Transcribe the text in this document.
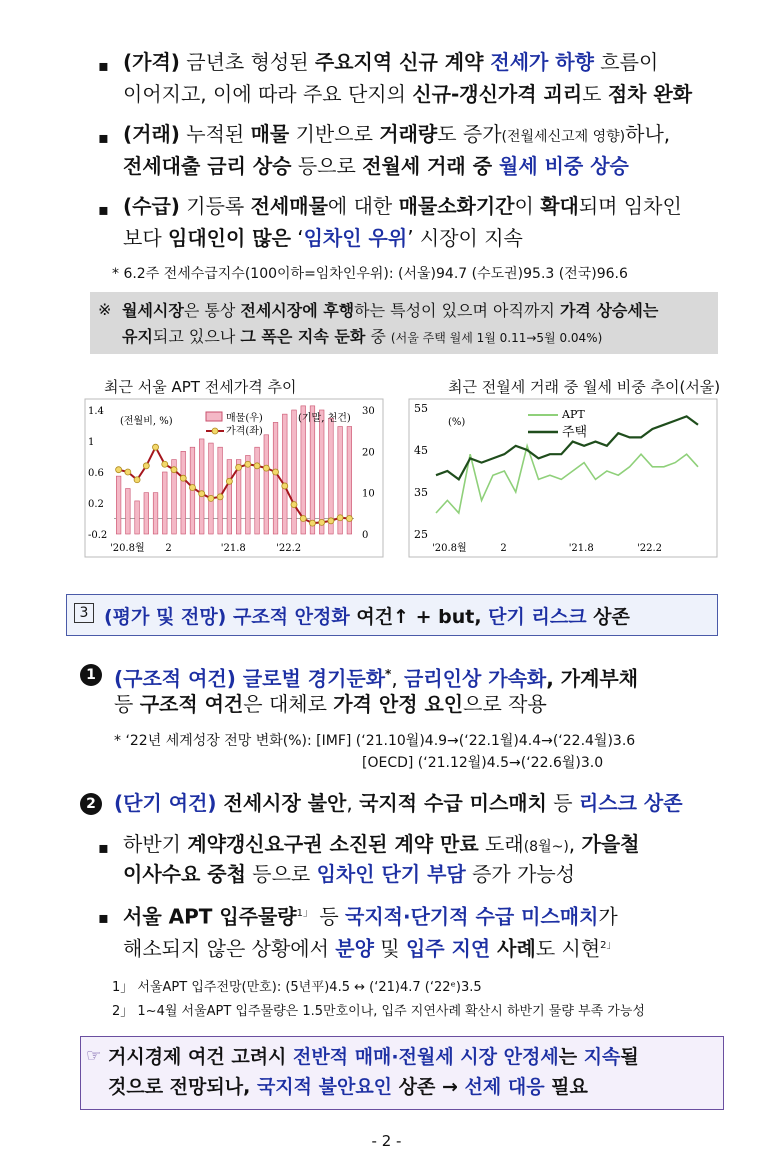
▪ (가격) 금년초 형성된 주요지역 신규 계약 전세가 하향 흐름이
이어지고, 이에 따라 주요 단지의 신규-갱신가격 괴리도 점차 완화
▪ (거래) 누적된 매물 기반으로 거래량도 증가(전월세신고제 영향)하나,
전세대출 금리 상승 등으로 전월세 거래 중 월세 비중 상승
▪ (수급) 기등록 전세매물에 대한 매물소화기간이 확대되며 임차인
보다 임대인이 많은 ‘임차인 우위’ 시장이 지속
* 6.2주 전세수급지수(100이하=임차인우위): (서울)94.7 (수도권)95.3 (전국)96.6
※ 월세시장은 통상 전세시장에 후행하는 특성이 있으며 아직까지 가격 상승세는
유지되고 있으나 그 폭은 지속 둔화 중 (서울 주택 월세 1월 0.11→5월 0.04%)
최근 서울 APT 전세가격 추이
1.4
1
0.6
0.2
-0.2
30
20
10
0
'20.8월 2	'21.8	'22.2
(전월비, %)	매물(우)
가격(좌)
(기말, 천건)
최근 전월세 거래 중 월세 비중 추이(서울)
55
45
35
25
'20.8월	2	'21.8	'22.2
(%)
APT
주택
3 (평가 및 전망) 구조적 안정화 여건↑ + but, 단기 리스크 상존
1 (구조적 여건) 글로벌 경기둔화*, 금리인상 가속화, 가계부채
등 구조적 여건은 대체로 가격 안정 요인으로 작용
* ‘22년 세계성장 전망 변화(%): [IMF] (‘21.10월)4.9→(‘22.1월)4.4→(‘22.4월)3.6
[OECD] (‘21.12월)4.5→(‘22.6월)3.0
2 (단기 여건) 전세시장 불안, 국지적 수급 미스매치 등 리스크 상존
▪ 하반기 계약갱신요구권 소진된 계약 만료 도래(8월~), 가을철
이사수요 중첩 등으로 임차인 단기 부담 증가 가능성
▪ 서울 APT 입주물량$^{1」}$ 등 국지적·단기적 수급 미스매치가
해소되지 않은 상황에서 분양 및 입주 지연 사례도 시현$^{2」}$
1」 서울APT 입주전망(만호): (5년平)4.5 ↔ (‘21)4.7 (‘22ᵉ)3.5
2」 1~4월 서울APT 입주물량은 1.5만호이나, 입주 지연사례 확산시 하반기 물량 부족 가능성
☞ 거시경제 여건 고려시 전반적 매매·전월세 시장 안정세는 지속될
것으로 전망되나, 국지적 불안요인 상존 → 선제 대응 필요
- 2 -
